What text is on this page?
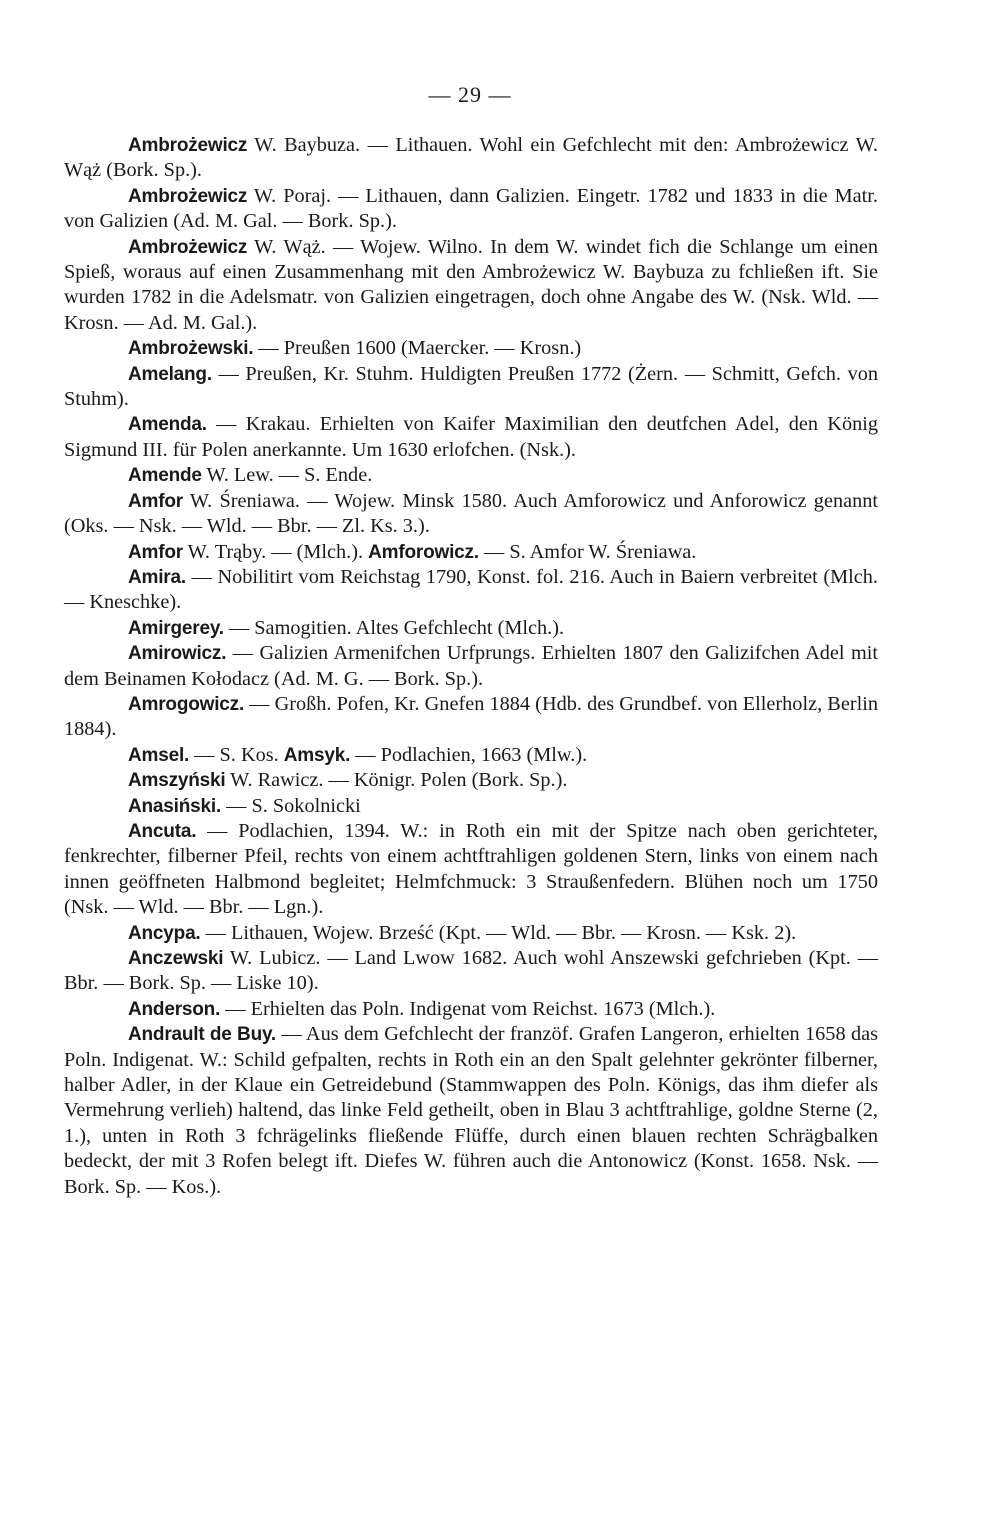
— 29 —

Ambrożewicz W. Baybuza. — Lithauen. Wohl ein Gefchlecht mit den: Ambrożewicz W. Wąż (Bork. Sp.).

Ambrożewicz W. Poraj. — Lithauen, dann Galizien. Eingetr. 1782 und 1833 in die Matr. von Galizien (Ad. M. Gal. — Bork. Sp.).

Ambrożewicz W. Wąż. — Wojew. Wilno. In dem W. windet fich die Schlange um einen Spieß, woraus auf einen Zusammenhang mit den Ambrożewicz W. Baybuza zu fchließen ift. Sie wurden 1782 in die Adelsmatr. von Galizien eingetragen, doch ohne Angabe des W. (Nsk. Wld. — Krosn. — Ad. M. Gal.).

Ambrożewski. — Preußen 1600 (Maercker. — Krosn.)

Amelang. — Preußen, Kr. Stuhm. Huldigten Preußen 1772 (Żern. — Schmitt, Gefch. von Stuhm).

Amenda. — Krakau. Erhielten von Kaifer Maximilian den deutfchen Adel, den König Sigmund III. für Polen anerkannte. Um 1630 erlofchen. (Nsk.).

Amende W. Lew. — S. Ende.

Amfor W. Śreniawa. — Wojew. Minsk 1580. Auch Amforowicz und Anforowicz genannt (Oks. — Nsk. — Wld. — Bbr. — Zl. Ks. 3.).

Amfor W. Trąby. — (Mlch.). Amforowicz. — S. Amfor W. Śreniawa.

Amira. — Nobilitirt vom Reichstag 1790, Konst. fol. 216. Auch in Baiern verbreitet (Mlch. — Kneschke).

Amirgerey. — Samogitien. Altes Gefchlecht (Mlch.).

Amirowicz. — Galizien Armenifchen Urfprungs. Erhielten 1807 den Galizifchen Adel mit dem Beinamen Kołodacz (Ad. M. G. — Bork. Sp.).

Amrogowicz. — Großh. Pofen, Kr. Gnefen 1884 (Hdb. des Grundbef. von Ellerholz, Berlin 1884).

Amsel. — S. Kos. Amsyk. — Podlachien, 1663 (Mlw.).

Amszyński W. Rawicz. — Königr. Polen (Bork. Sp.).

Anasiński. — S. Sokolnicki

Ancuta. — Podlachien, 1394. W.: in Roth ein mit der Spitze nach oben gerichteter, fenkrechter, filberner Pfeil, rechts von einem achtftrahligen goldenen Stern, links von einem nach innen geöffneten Halbmond begleitet; Helmfchmuck: 3 Straußenfedern. Blühen noch um 1750 (Nsk. — Wld. — Bbr. — Lgn.).

Ancypa. — Lithauen, Wojew. Brześć (Kpt. — Wld. — Bbr. — Krosn. — Ksk. 2).

Anczewski W. Lubicz. — Land Lwow 1682. Auch wohl Anszewski gefchrieben (Kpt. — Bbr. — Bork. Sp. — Liske 10).

Anderson. — Erhielten das Poln. Indigenat vom Reichst. 1673 (Mlch.).

Andrault de Buy. — Aus dem Gefchlecht der franzöf. Grafen Langeron, erhielten 1658 das Poln. Indigenat. W.: Schild gefpalten, rechts in Roth ein an den Spalt gelehnter gekrönter filberner, halber Adler, in der Klaue ein Getreidebund (Stammwappen des Poln. Königs, das ihm diefer als Vermehrung verlieh) haltend, das linke Feld getheilt, oben in Blau 3 achtftrahlige, goldne Sterne (2, 1.), unten in Roth 3 fchrägelinks fließende Flüffe, durch einen blauen rechten Schrägbalken bedeckt, der mit 3 Rofen belegt ift. Diefes W. führen auch die Antonowicz (Konst. 1658. Nsk. — Bork. Sp. — Kos.).
